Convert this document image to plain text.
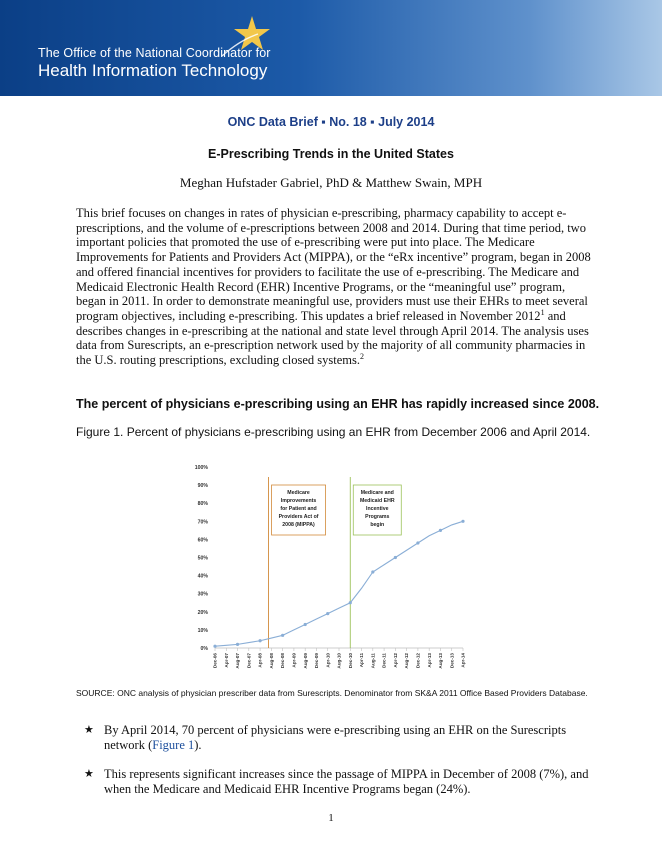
The Office of the National Coordinator for
Health Information Technology
ONC Data Brief ▪ No. 18 ▪ July 2014
E-Prescribing Trends in the United States
Meghan Hufstader Gabriel, PhD & Matthew Swain, MPH
This brief focuses on changes in rates of physician e-prescribing, pharmacy capability to accept e-prescriptions, and the volume of e-prescriptions between 2008 and 2014. During that time period, two important policies that promoted the use of e-prescribing were put into place. The Medicare Improvements for Patients and Providers Act (MIPPA), or the “eRx incentive” program, began in 2008 and offered financial incentives for providers to facilitate the use of e-prescribing. The Medicare and Medicaid Electronic Health Record (EHR) Incentive Programs, or the “meaningful use” program, began in 2011. In order to demonstrate meaningful use, providers must use their EHRs to meet several program objectives, including e-prescribing. This updates a brief released in November 2012$^1$ and describes changes in e-prescribing at the national and state level through April 2014. The analysis uses data from Surescripts, an e-prescription network used by the majority of all community pharmacies in the U.S. routing prescriptions, excluding closed systems.$^2$
The percent of physicians e-prescribing using an EHR has rapidly increased since 2008.
Figure 1. Percent of physicians e-prescribing using an EHR from December 2006 and April 2014.
0%
10%
20%
30%
40%
50%
60%
70%
80%
90%
100%
Dec-06 Apr-07 Aug-07 Dec-07 Apr-08 Aug-08 Dec-08 Apr-09 Aug-09 Dec-09 Apr-10 Aug-10 Dec-10 Apr-11 Aug-11 Dec-11 Apr-12 Aug-12 Dec-12 Apr-13 Aug-13 Dec-13 Apr-14
Medicare
Improvements
for Patient and
Providers Act of
2008 (MIPPA)
Medicare and
Medicaid EHR
Incentive
Programs
begin
SOURCE: ONC analysis of physician prescriber data from Surescripts. Denominator from SK&A 2011 Office Based Providers Database.
★ By April 2014, 70 percent of physicians were e-prescribing using an EHR on the Surescripts network (Figure 1).
★ This represents significant increases since the passage of MIPPA in December of 2008 (7%), and when the Medicare and Medicaid EHR Incentive Programs began (24%).
1
